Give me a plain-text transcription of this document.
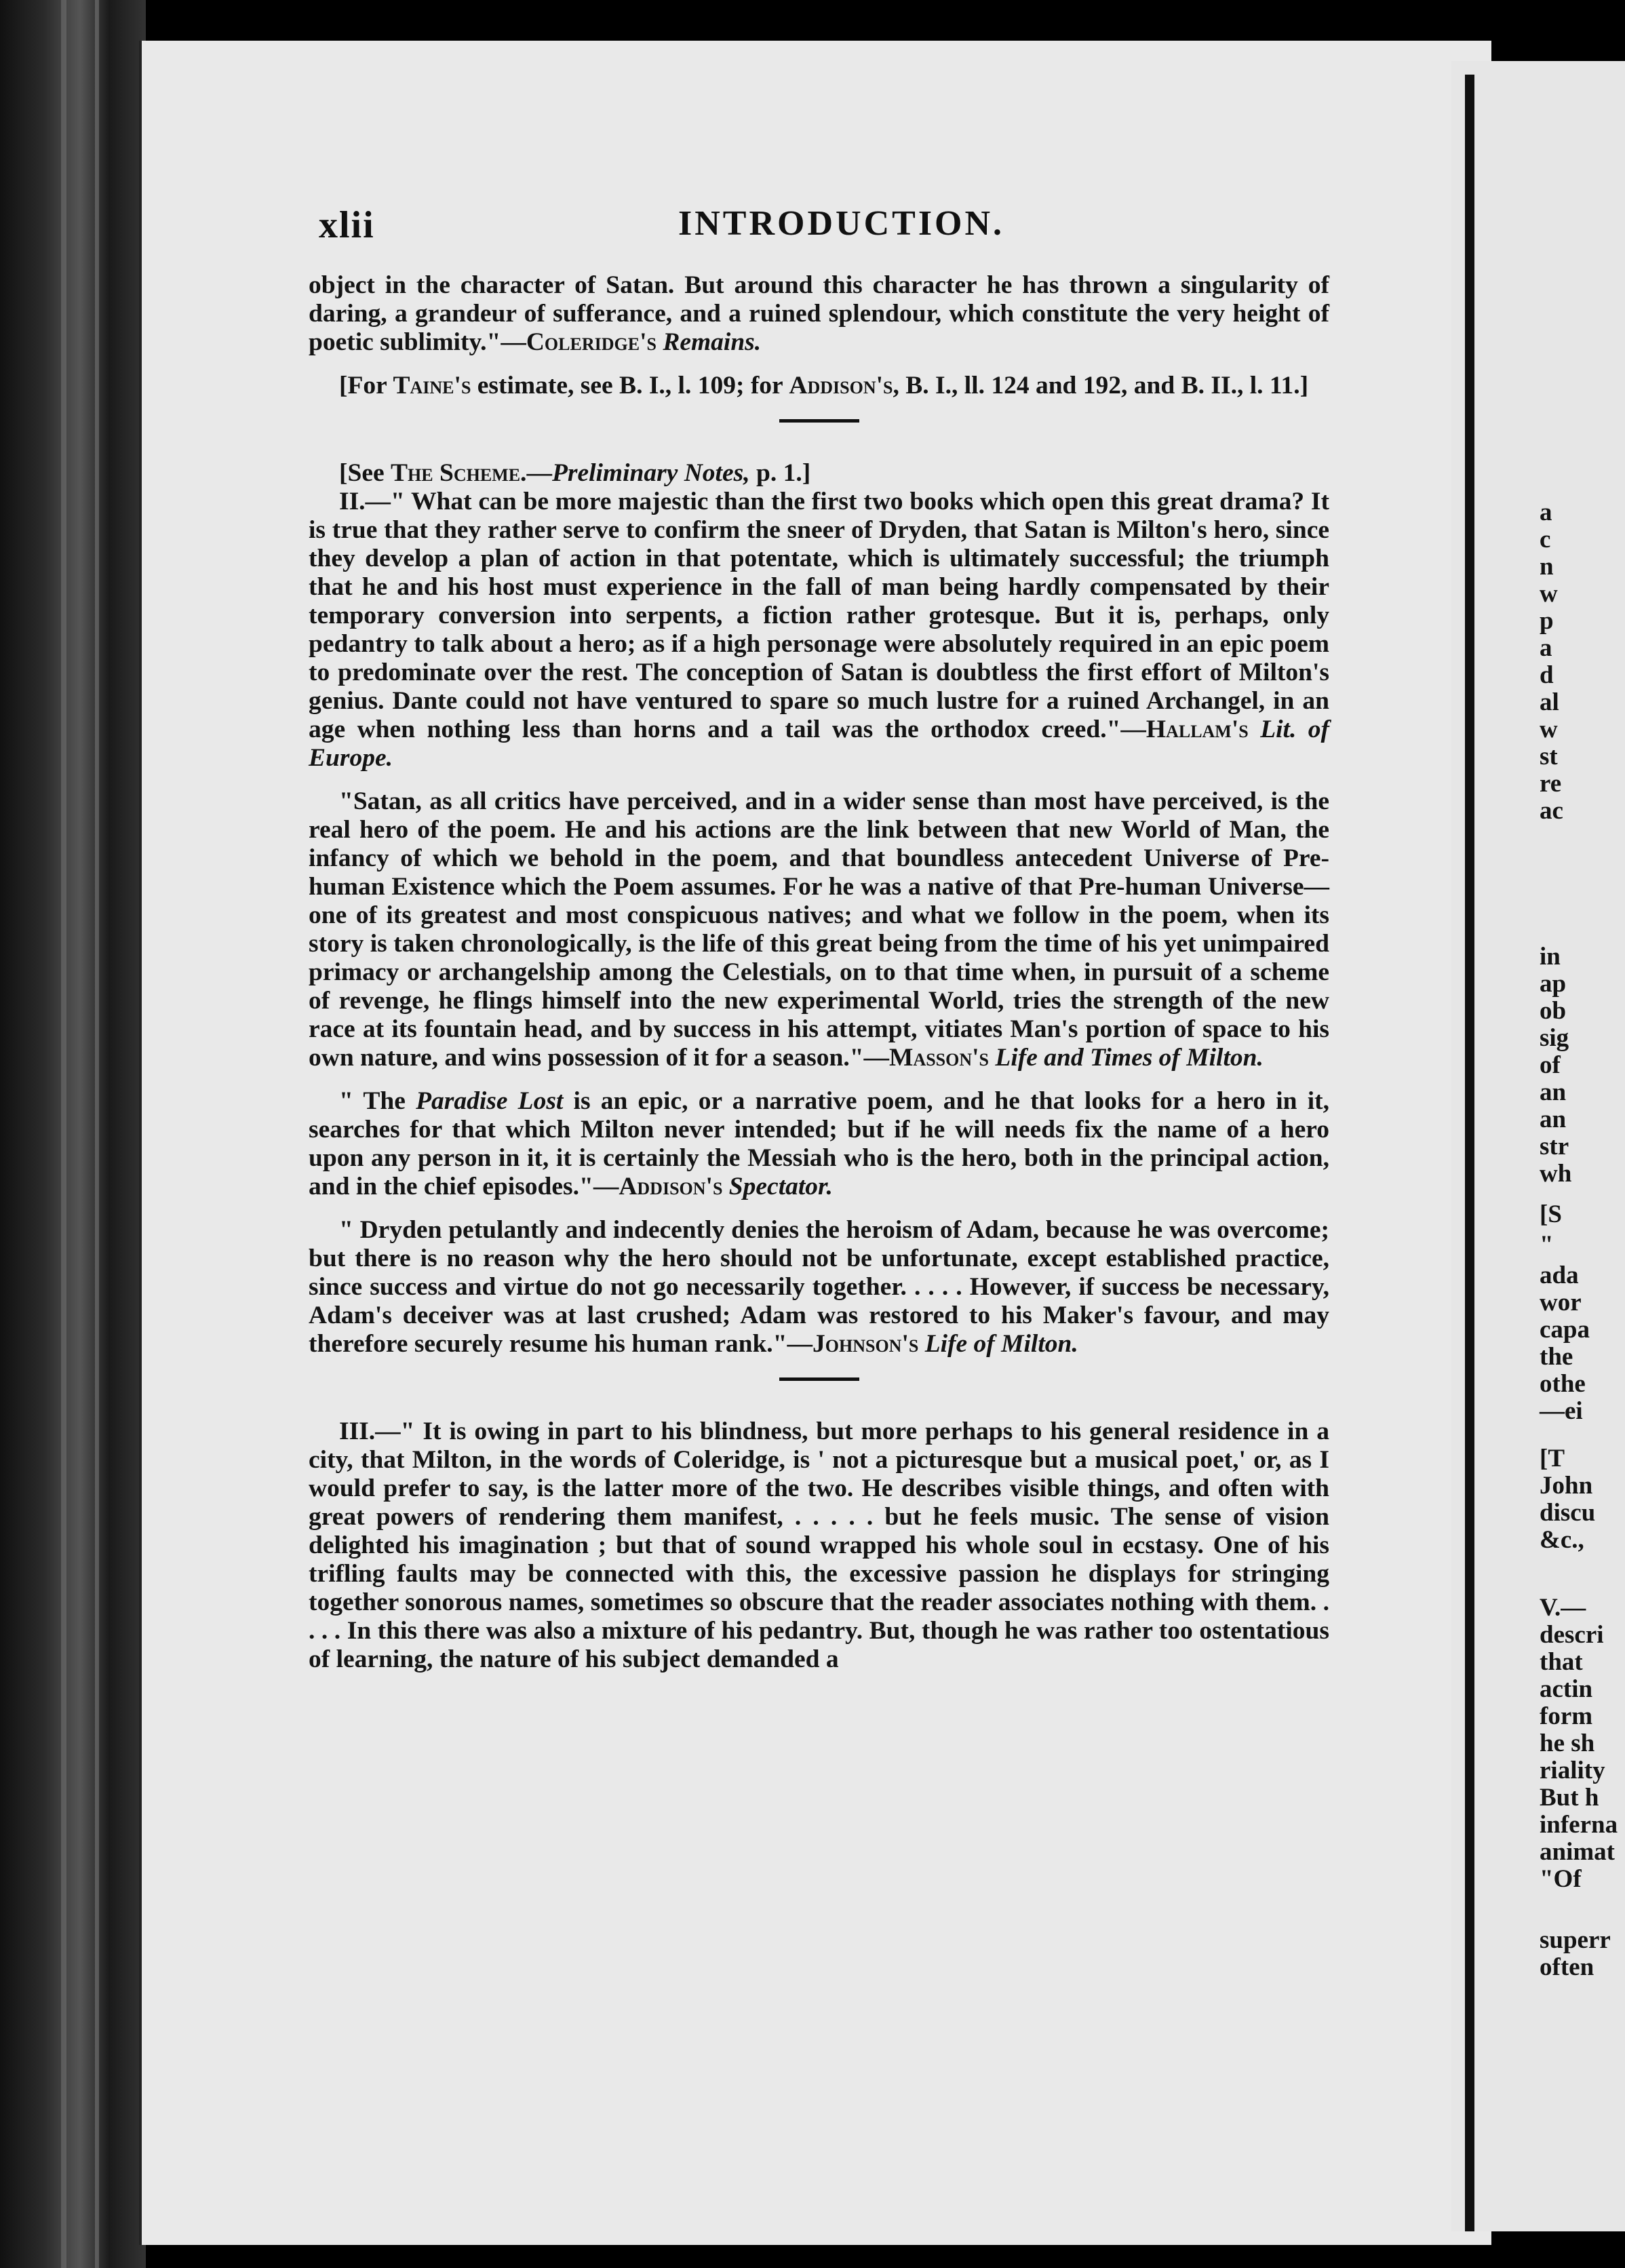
xlii	INTRODUCTION.

object in the character of Satan. But around this character he has thrown a singularity of daring, a grandeur of sufferance, and a ruined splendour, which constitute the very height of poetic sublimity."—Coleridge's Remains.

[For Taine's estimate, see B. I., l. 109; for Addison's, B. I., ll. 124 and 192, and B. II., l. 11.]

[See The Scheme.—Preliminary Notes, p. 1.]

II.—" What can be more majestic than the first two books which open this great drama? It is true that they rather serve to confirm the sneer of Dryden, that Satan is Milton's hero, since they develop a plan of action in that potentate, which is ultimately successful; the triumph that he and his host must experience in the fall of man being hardly compensated by their temporary conversion into serpents, a fiction rather grotesque. But it is, perhaps, only pedantry to talk about a hero; as if a high personage were absolutely required in an epic poem to predominate over the rest. The conception of Satan is doubtless the first effort of Milton's genius. Dante could not have ventured to spare so much lustre for a ruined Archangel, in an age when nothing less than horns and a tail was the orthodox creed."—Hallam's Lit. of Europe.

"Satan, as all critics have perceived, and in a wider sense than most have perceived, is the real hero of the poem. He and his actions are the link between that new World of Man, the infancy of which we behold in the poem, and that boundless antecedent Universe of Pre-human Existence which the Poem assumes. For he was a native of that Pre-human Universe—one of its greatest and most conspicuous natives; and what we follow in the poem, when its story is taken chronologically, is the life of this great being from the time of his yet unimpaired primacy or archangelship among the Celestials, on to that time when, in pursuit of a scheme of revenge, he flings himself into the new experimental World, tries the strength of the new race at its fountain head, and by success in his attempt, vitiates Man's portion of space to his own nature, and wins possession of it for a season."—Masson's Life and Times of Milton.

" The Paradise Lost is an epic, or a narrative poem, and he that looks for a hero in it, searches for that which Milton never intended; but if he will needs fix the name of a hero upon any person in it, it is certainly the Messiah who is the hero, both in the principal action, and in the chief episodes."—Addison's Spectator.

" Dryden petulantly and indecently denies the heroism of Adam, because he was overcome; but there is no reason why the hero should not be unfortunate, except established practice, since success and virtue do not go necessarily together. . . . . However, if success be necessary, Adam's deceiver was at last crushed; Adam was restored to his Maker's favour, and may therefore securely resume his human rank."—Johnson's Life of Milton.

III.—" It is owing in part to his blindness, but more perhaps to his general residence in a city, that Milton, in the words of Coleridge, is ' not a picturesque but a musical poet,' or, as I would prefer to say, is the latter more of the two. He describes visible things, and often with great powers of rendering them manifest, . . . . . but he feels music. The sense of vision delighted his imagination ; but that of sound wrapped his whole soul in ecstasy. One of his trifling faults may be connected with this, the excessive passion he displays for stringing together sonorous names, sometimes so obscure that the reader associates nothing with them. . . . . In this there was also a mixture of his pedantry. But, though he was rather too ostentatious of learning, the nature of his subject demanded a

a
c
n
w
p
a
d
al
w
st
re
ac
in
ap
ob
sig
of
an
an
str
wh
[S
"
ada
wor
capa
the
othe
—ei
[T
John
discu
&c.,
V.—
descri
that
actin
form
he sh
riality
But h
inferna
animat
"Of
superr
often
